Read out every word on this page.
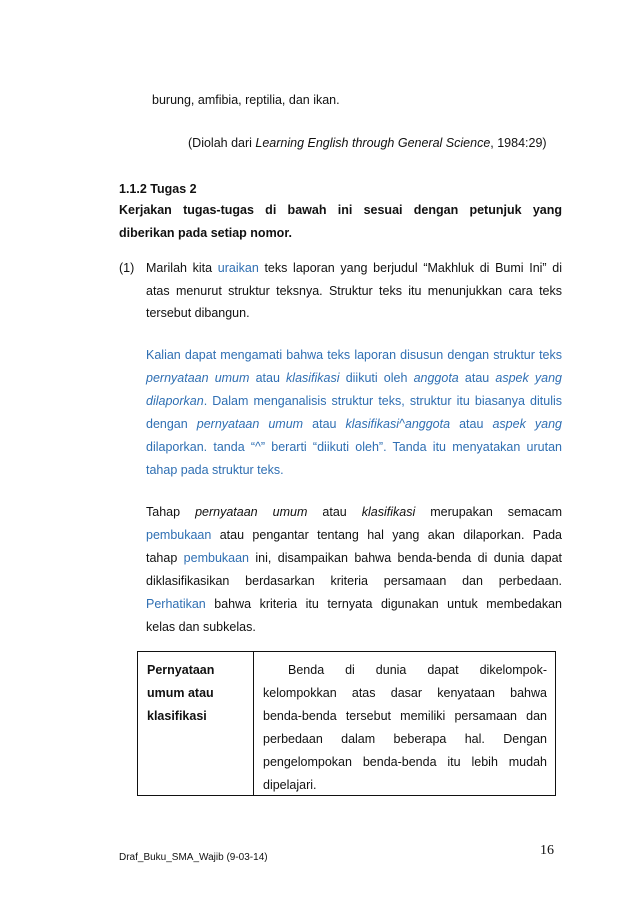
burung, amfibia, reptilia, dan ikan.
(Diolah dari Learning English through General Science, 1984:29)
1.1.2 Tugas 2
Kerjakan tugas-tugas di bawah ini sesuai dengan petunjuk yang
diberikan pada setiap nomor.
(1) Marilah kita uraikan teks laporan yang berjudul “Makhluk di Bumi Ini” di
atas menurut struktur teksnya. Struktur teks itu menunjukkan cara teks
tersebut dibangun.
Kalian dapat mengamati bahwa teks laporan disusun dengan struktur teks
pernyataan umum atau klasifikasi diikuti oleh anggota atau aspek yang
dilaporkan. Dalam menganalisis struktur teks, struktur itu biasanya ditulis
dengan pernyataan umum atau klasifikasi^anggota atau aspek yang
dilaporkan. tanda “^” berarti “diikuti oleh”. Tanda itu menyatakan urutan
tahap pada struktur teks.
Tahap pernyataan umum atau klasifikasi merupakan semacam
pembukaan atau pengantar tentang hal yang akan dilaporkan. Pada
tahap pembukaan ini, disampaikan bahwa benda-benda di dunia dapat
diklasifikasikan berdasarkan kriteria persamaan dan perbedaan.
Perhatikan bahwa kriteria itu ternyata digunakan untuk membedakan
kelas dan subkelas.
Pernyataan
umum atau
klasifikasi
Benda di dunia dapat dikelompok-
kelompokkan atas dasar kenyataan bahwa
benda-benda tersebut memiliki persamaan dan
perbedaan dalam beberapa hal. Dengan
pengelompokan benda-benda itu lebih mudah
dipelajari.
Draf_Buku_SMA_Wajib (9-03-14)	16
